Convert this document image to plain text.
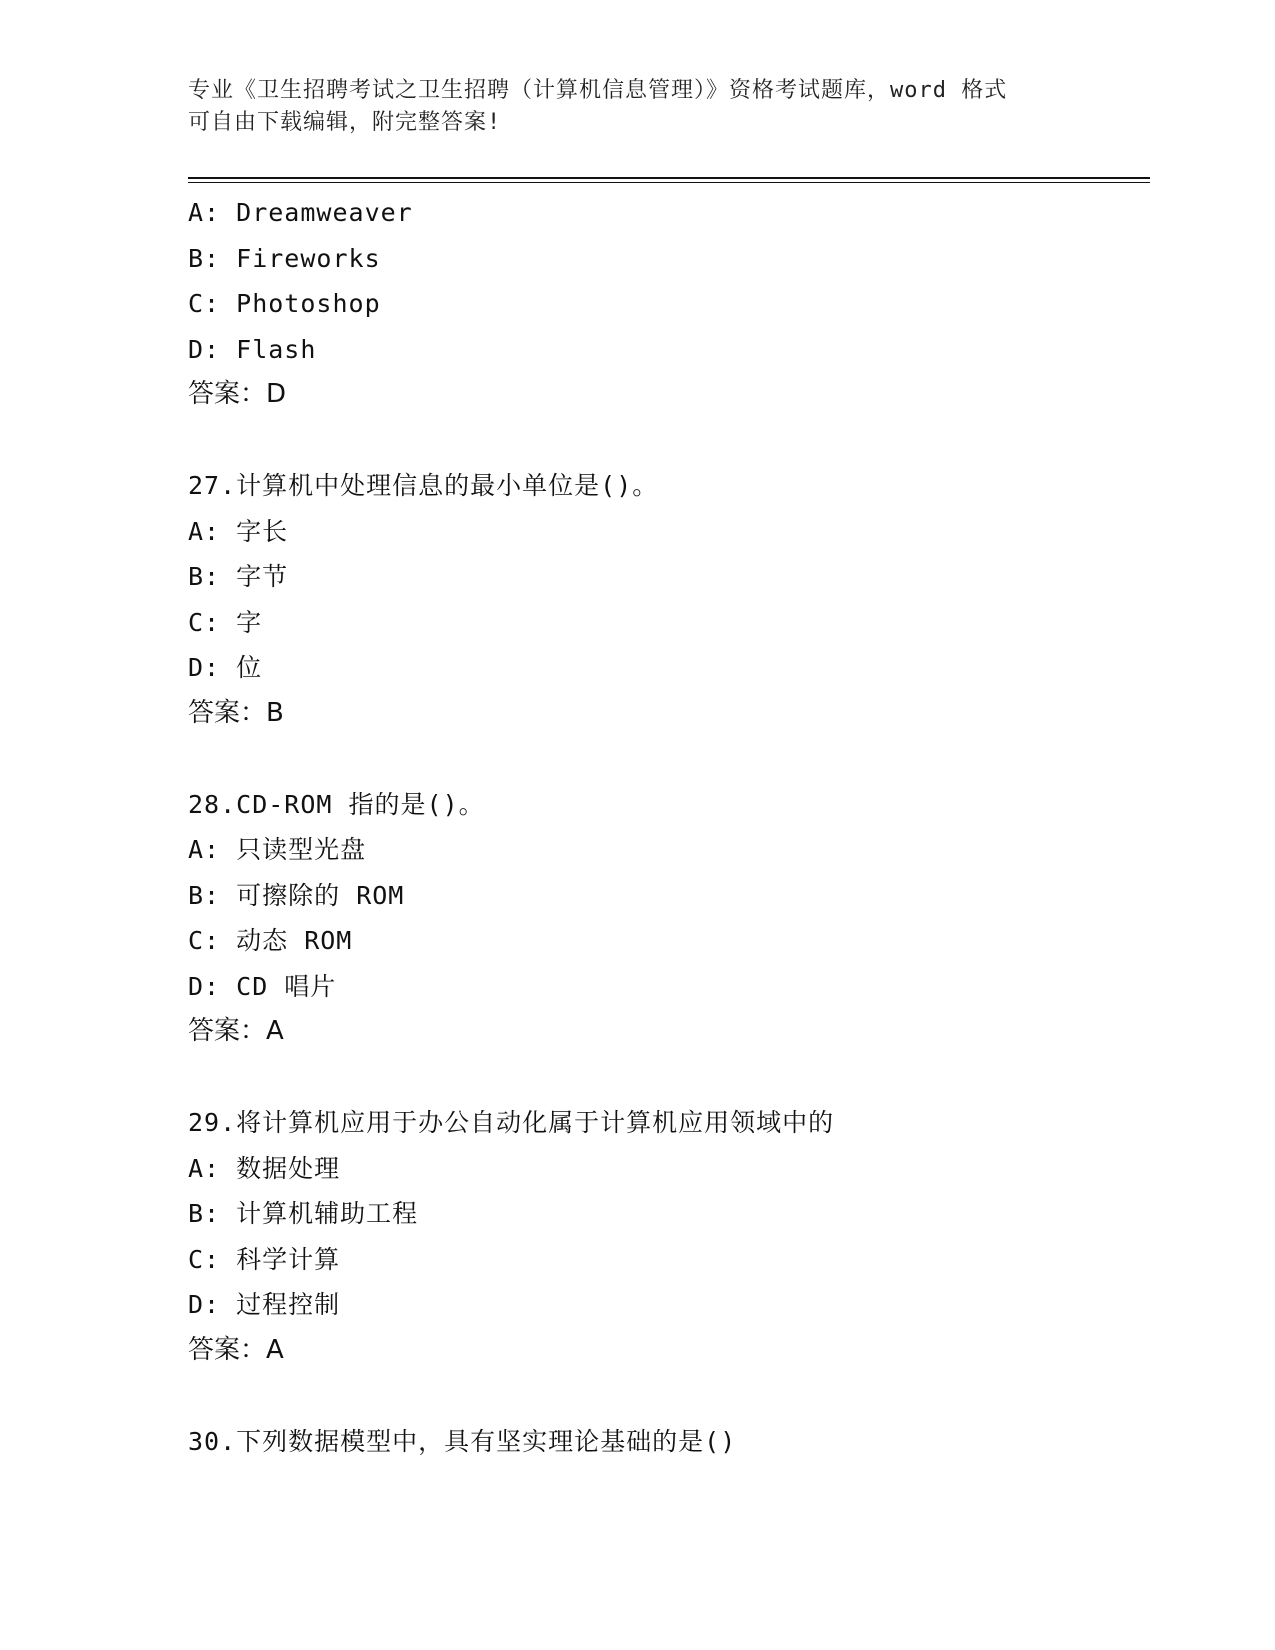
专业《卫生招聘考试之卫生招聘（计算机信息管理）》资格考试题库，word 格式
可自由下载编辑，附完整答案!
A: Dreamweaver
B: Fireworks
C: Photoshop
D: Flash
答案：D
27.计算机中处理信息的最小单位是()。
A: 字长
B: 字节
C: 字
D: 位
答案：B
28.CD-ROM 指的是()。
A: 只读型光盘
B: 可擦除的 ROM
C: 动态 ROM
D: CD 唱片
答案：A
29.将计算机应用于办公自动化属于计算机应用领域中的
A: 数据处理
B: 计算机辅助工程
C: 科学计算
D: 过程控制
答案：A
30.下列数据模型中，具有坚实理论基础的是()
